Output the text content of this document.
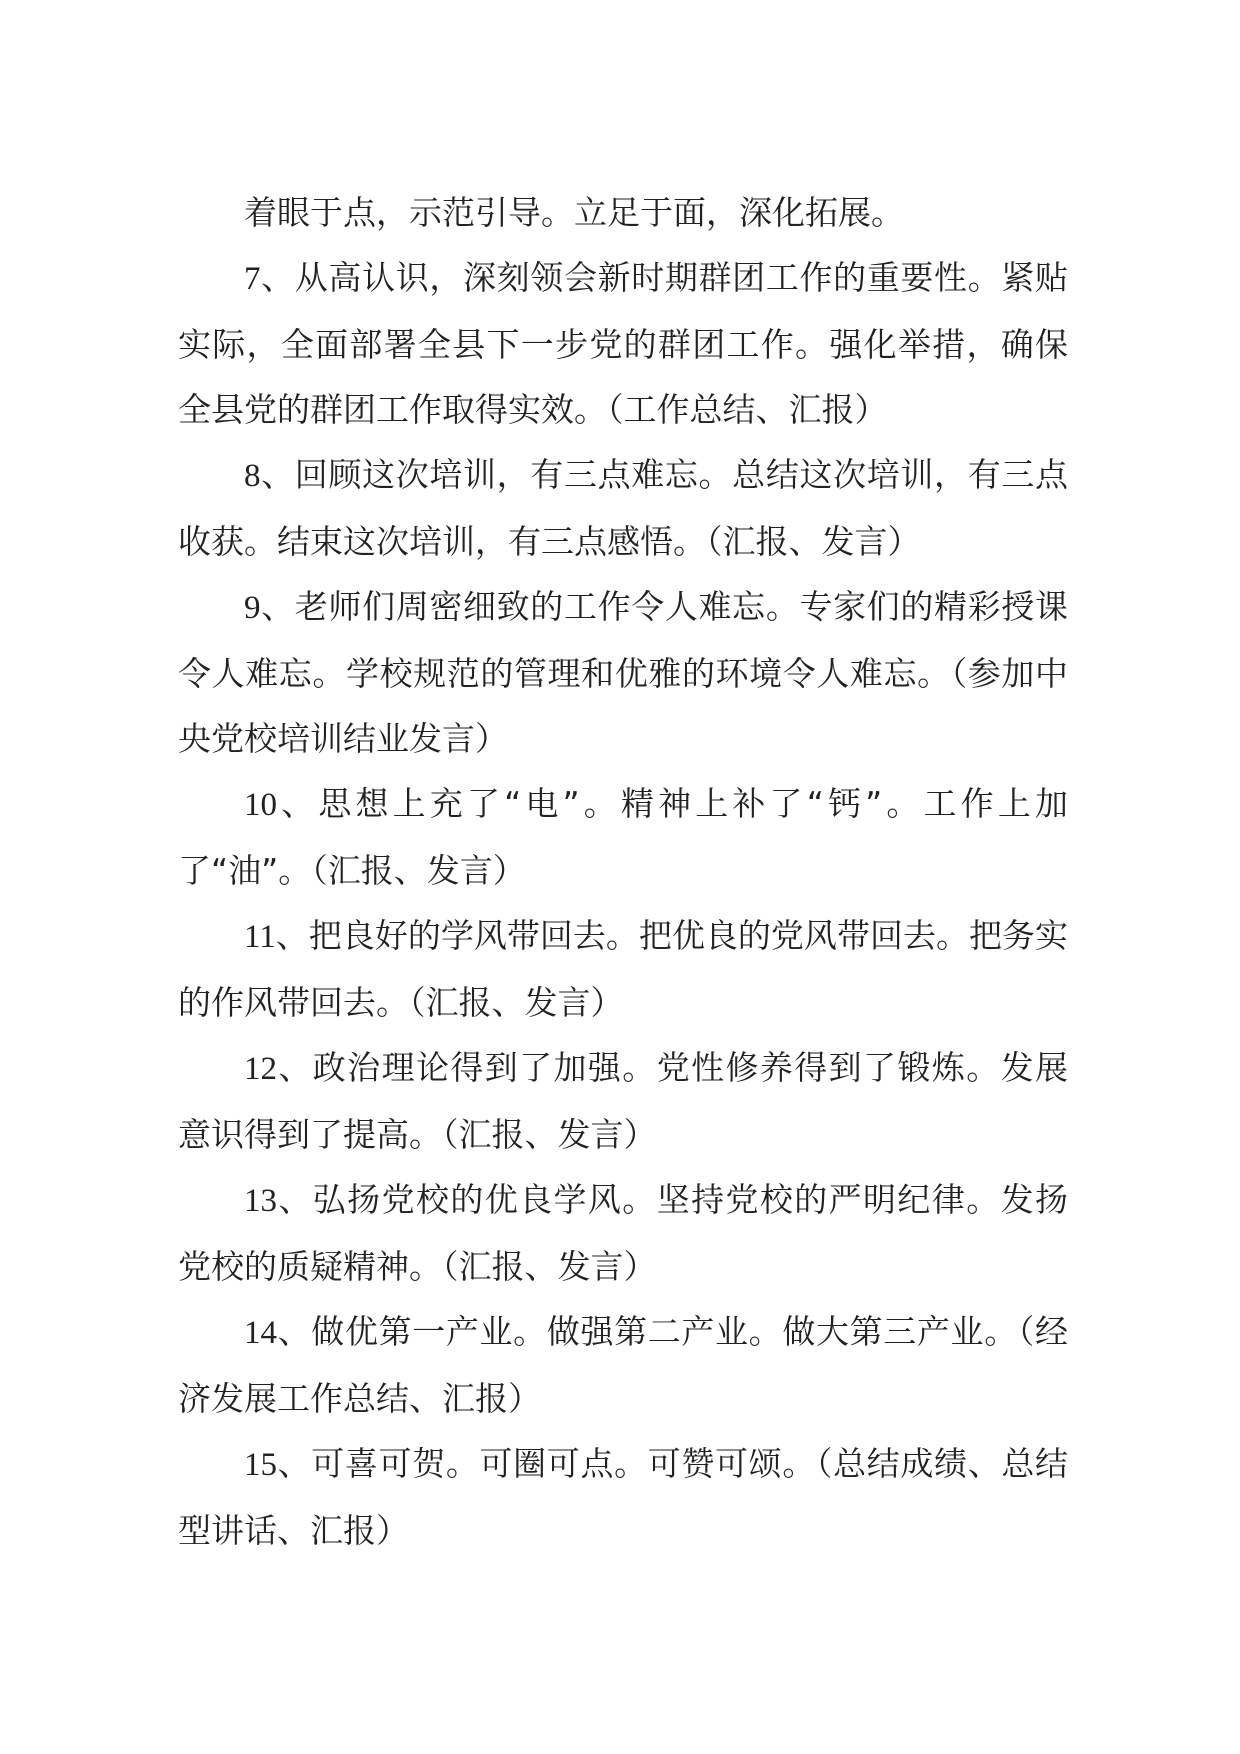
着眼于点，示范引导。立足于面，深化拓展。

7、从高认识，深刻领会新时期群团工作的重要性。紧贴实际，全面部署全县下一步党的群团工作。强化举措，确保全县党的群团工作取得实效。（工作总结、汇报）

8、回顾这次培训，有三点难忘。总结这次培训，有三点收获。结束这次培训，有三点感悟。（汇报、发言）

9、老师们周密细致的工作令人难忘。专家们的精彩授课令人难忘。学校规范的管理和优雅的环境令人难忘。（参加中央党校培训结业发言）

10、思想上充了“电”。精神上补了“钙”。工作上加了“油”。（汇报、发言）

11、把良好的学风带回去。把优良的党风带回去。把务实的作风带回去。（汇报、发言）

12、政治理论得到了加强。党性修养得到了锻炼。发展意识得到了提高。（汇报、发言）

13、弘扬党校的优良学风。坚持党校的严明纪律。发扬党校的质疑精神。（汇报、发言）

14、做优第一产业。做强第二产业。做大第三产业。（经济发展工作总结、汇报）

15、可喜可贺。可圈可点。可赞可颂。（总结成绩、总结型讲话、汇报）
